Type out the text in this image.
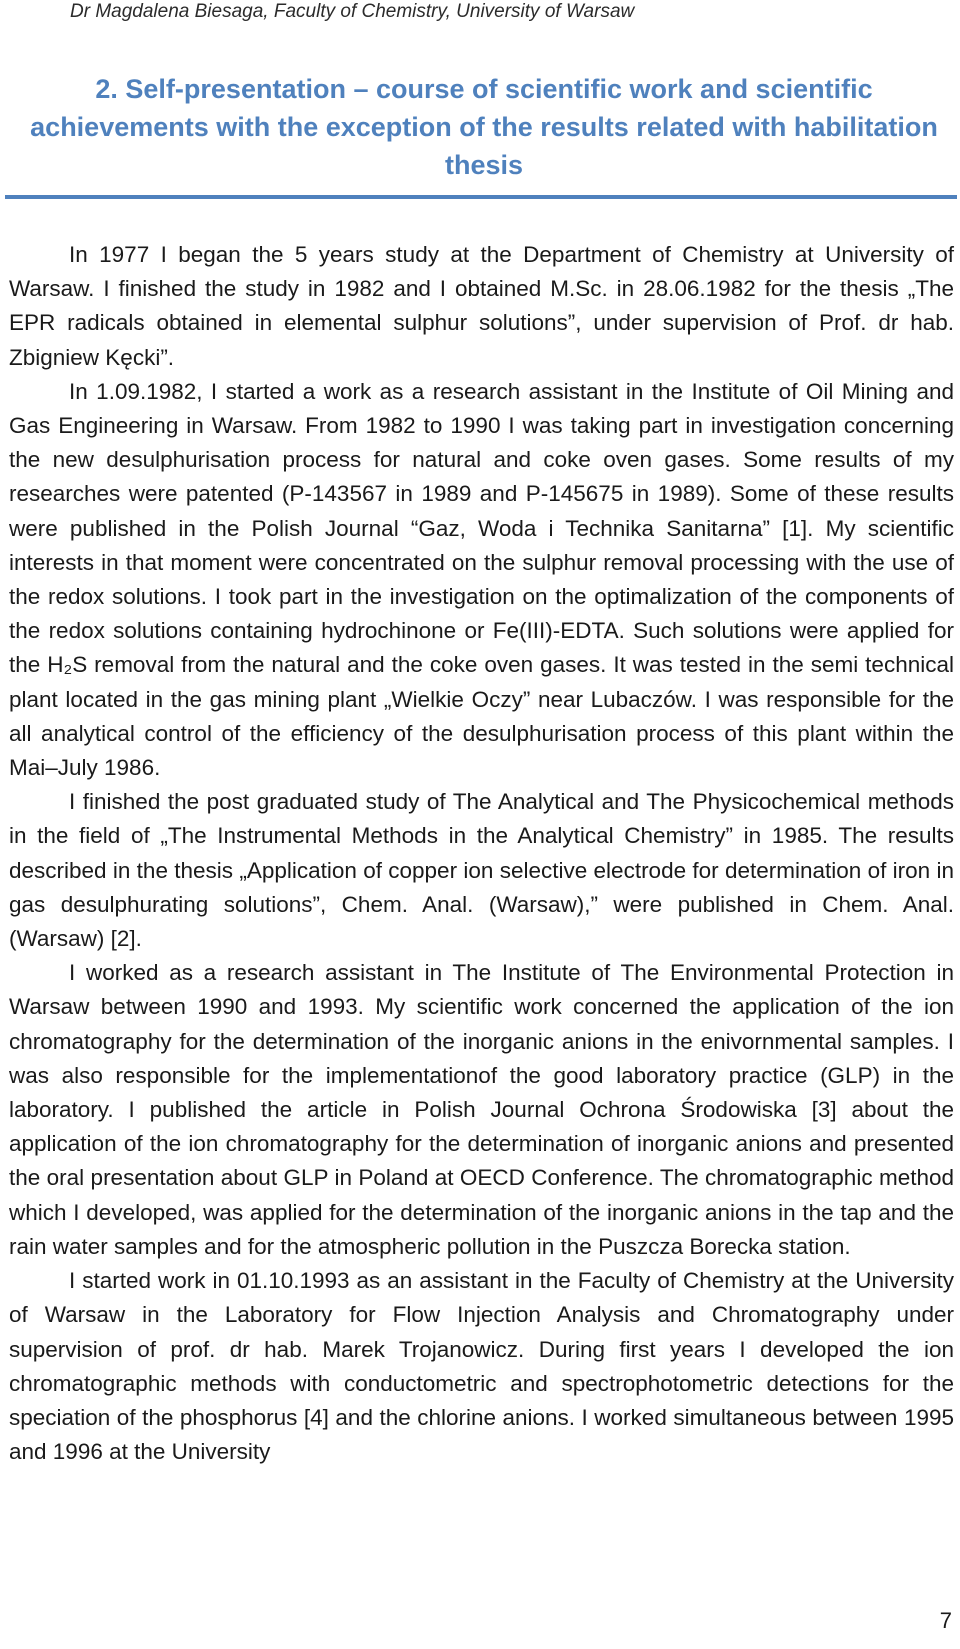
Dr Magdalena Biesaga, Faculty of Chemistry, University of Warsaw
2. Self-presentation – course of scientific work and scientific achievements with the exception of the results related with habilitation thesis

In 1977 I began the 5 years study at the Department of Chemistry at University of Warsaw. I finished the study in 1982 and I obtained M.Sc. in 28.06.1982 for the thesis „The EPR radicals obtained in elemental sulphur solutions”, under supervision of Prof. dr hab. Zbigniew Kęcki”.

In 1.09.1982, I started a work as a research assistant in the Institute of Oil Mining and Gas Engineering in Warsaw. From 1982 to 1990 I was taking part in investigation concerning the new desulphurisation process for natural and coke oven gases. Some results of my researches were patented (P-143567 in 1989 and P-145675 in 1989). Some of these results were published in the Polish Journal “Gaz, Woda i Technika Sanitarna” [1]. My scientific interests in that moment were concentrated on the sulphur removal processing with the use of the redox solutions. I took part in the investigation on the optimalization of the components of the redox solutions containing hydrochinone or Fe(III)-EDTA. Such solutions were applied for the H₂S removal from the natural and the coke oven gases. It was tested in the semi technical plant located in the gas mining plant „Wielkie Oczy” near Lubaczów. I was responsible for the all analytical control of the efficiency of the desulphurisation process of this plant within the Mai–July 1986.

I finished the post graduated study of The Analytical and The Physicochemical methods in the field of „The Instrumental Methods in the Analytical Chemistry” in 1985. The results described in the thesis „Application of copper ion selective electrode for determination of iron in gas desulphurating solutions”, Chem. Anal. (Warsaw),” were published in Chem. Anal. (Warsaw) [2].

I worked as a research assistant in The Institute of The Environmental Protection in Warsaw between 1990 and 1993. My scientific work concerned the application of the ion chromatography for the determination of the inorganic anions in the enivornmental samples. I was also responsible for the implementationof the good laboratory practice (GLP) in the laboratory. I published the article in Polish Journal Ochrona Środowiska [3] about the application of the ion chromatography for the determination of inorganic anions and presented the oral presentation about GLP in Poland at OECD Conference. The chromatographic method which I developed, was applied for the determination of the inorganic anions in the tap and the rain water samples and for the atmospheric pollution in the Puszcza Borecka station.

I started work in 01.10.1993 as an assistant in the Faculty of Chemistry at the University of Warsaw in the Laboratory for Flow Injection Analysis and Chromatography under supervision of prof. dr hab. Marek Trojanowicz. During first years I developed the ion chromatographic methods with conductometric and spectrophotometric detections for the speciation of the phosphorus [4] and the chlorine anions. I worked simultaneous between 1995 and 1996 at the University

7
